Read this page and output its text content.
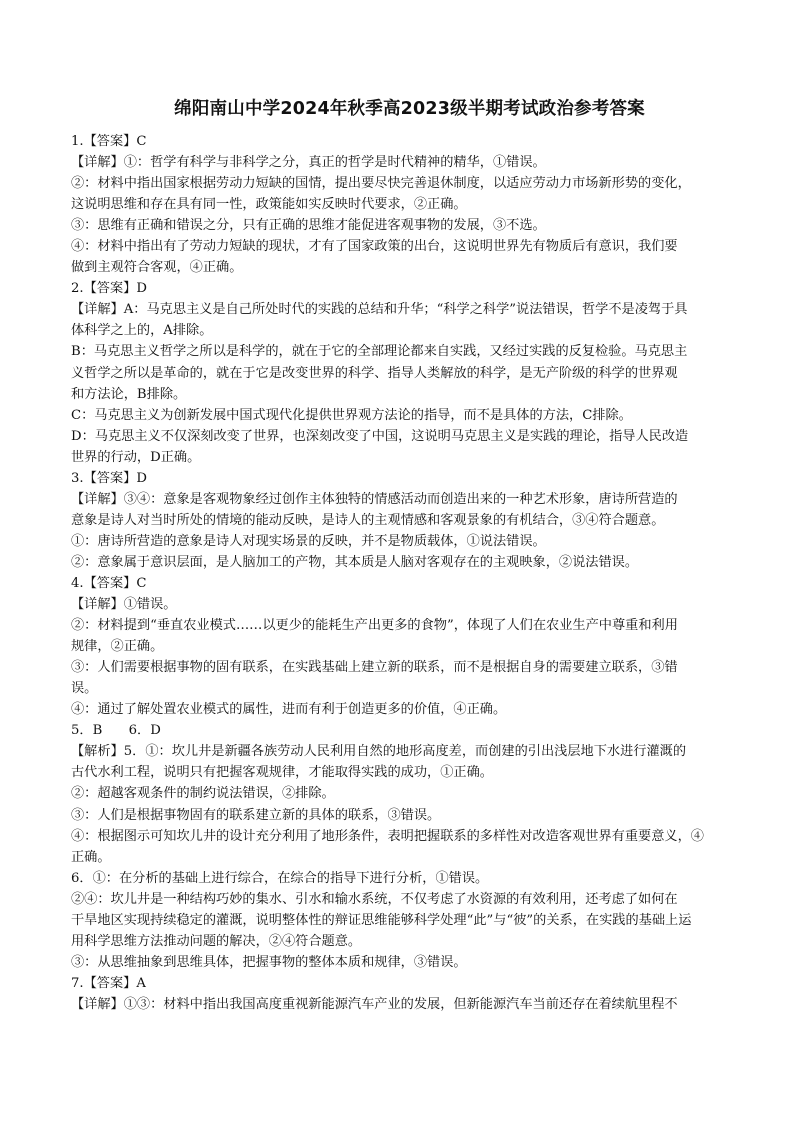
绵阳南山中学2024年秋季高2023级半期考试政治参考答案
1.【答案】C
【详解】①：哲学有科学与非科学之分，真正的哲学是时代精神的精华，①错误。
②：材料中指出国家根据劳动力短缺的国情，提出要尽快完善退休制度，以适应劳动力市场新形势的变化，
这说明思维和存在具有同一性，政策能如实反映时代要求，②正确。
③：思维有正确和错误之分，只有正确的思维才能促进客观事物的发展，③不选。
④：材料中指出有了劳动力短缺的现状，才有了国家政策的出台，这说明世界先有物质后有意识，我们要
做到主观符合客观，④正确。
2.【答案】D
【详解】A：马克思主义是自己所处时代的实践的总结和升华；“科学之科学”说法错误，哲学不是凌驾于具
体科学之上的，A排除。
B：马克思主义哲学之所以是科学的，就在于它的全部理论都来自实践，又经过实践的反复检验。马克思主
义哲学之所以是革命的，就在于它是改变世界的科学、指导人类解放的科学，是无产阶级的科学的世界观
和方法论，B排除。
C：马克思主义为创新发展中国式现代化提供世界观方法论的指导，而不是具体的方法，C排除。
D：马克思主义不仅深刻改变了世界，也深刻改变了中国，这说明马克思主义是实践的理论，指导人民改造
世界的行动，D正确。
3.【答案】D
【详解】③④：意象是客观物象经过创作主体独特的情感活动而创造出来的一种艺术形象，唐诗所营造的
意象是诗人对当时所处的情境的能动反映，是诗人的主观情感和客观景象的有机结合，③④符合题意。
①：唐诗所营造的意象是诗人对现实场景的反映，并不是物质载体，①说法错误。
②：意象属于意识层面，是人脑加工的产物，其本质是人脑对客观存在的主观映象，②说法错误。
4.【答案】C
【详解】①错误。
②：材料提到“垂直农业模式……以更少的能耗生产出更多的食物”，体现了人们在农业生产中尊重和利用
规律，②正确。
③：人们需要根据事物的固有联系，在实践基础上建立新的联系，而不是根据自身的需要建立联系，③错
误。
④：通过了解处置农业模式的属性，进而有利于创造更多的价值，④正确。
5．B　　6．D
【解析】5．①：坎儿井是新疆各族劳动人民利用自然的地形高度差，而创建的引出浅层地下水进行灌溉的
古代水利工程，说明只有把握客观规律，才能取得实践的成功，①正确。
②：超越客观条件的制约说法错误，②排除。
③：人们是根据事物固有的联系建立新的具体的联系，③错误。
④：根据图示可知坎儿井的设计充分利用了地形条件，表明把握联系的多样性对改造客观世界有重要意义，④
正确。
6．①：在分析的基础上进行综合，在综合的指导下进行分析，①错误。
②④：坎儿井是一种结构巧妙的集水、引水和输水系统，不仅考虑了水资源的有效利用，还考虑了如何在
干旱地区实现持续稳定的灌溉，说明整体性的辩证思维能够科学处理“此”与“彼”的关系，在实践的基础上运
用科学思维方法推动问题的解决，②④符合题意。
③：从思维抽象到思维具体，把握事物的整体本质和规律，③错误。
7.【答案】A
【详解】①③：材料中指出我国高度重视新能源汽车产业的发展，但新能源汽车当前还存在着续航里程不
